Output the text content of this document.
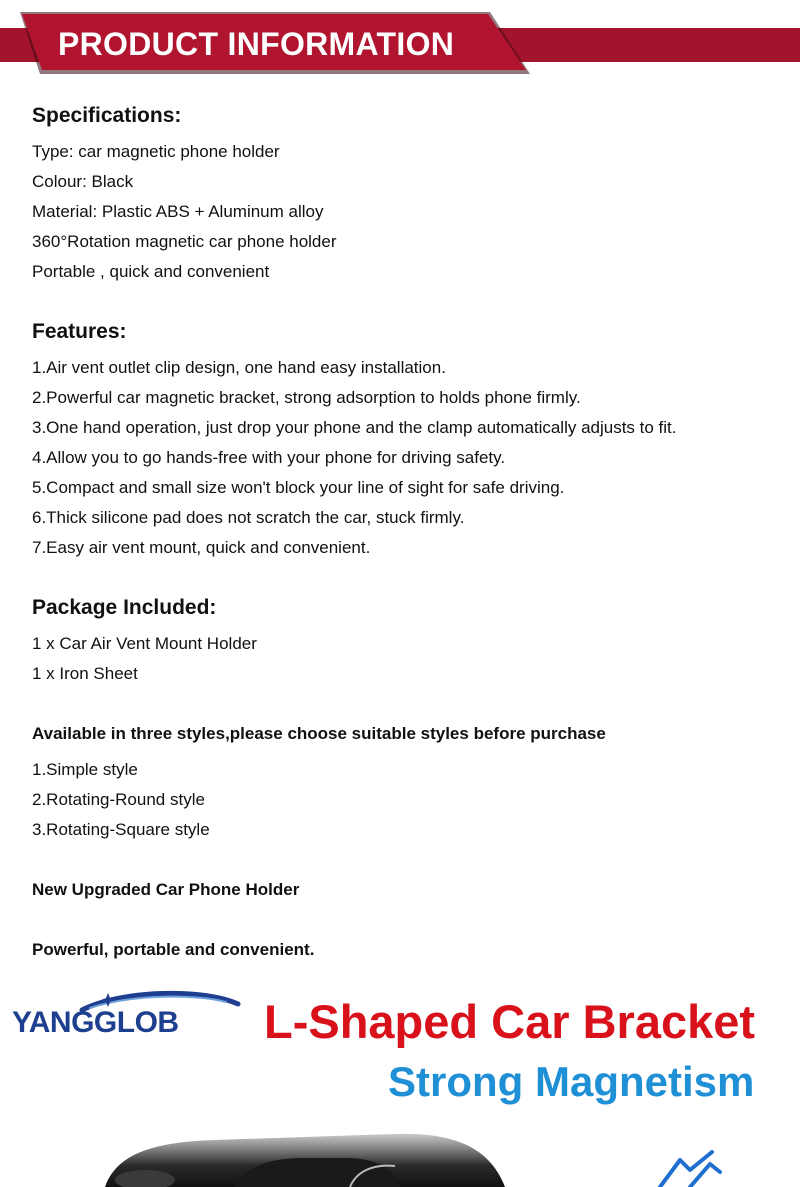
PRODUCT INFORMATION
Specifications:
Type: car magnetic phone holder
Colour: Black
Material: Plastic ABS + Aluminum alloy
360°Rotation magnetic car phone holder
Portable , quick and convenient
Features:
1.Air vent outlet clip design, one hand easy installation.
2.Powerful car magnetic bracket, strong adsorption to holds phone firmly.
3.One hand operation, just drop your phone and the clamp automatically adjusts to fit.
4.Allow you to go hands-free with your phone for driving safety.
5.Compact and small size won't block your line of sight for safe driving.
6.Thick silicone pad does not scratch the car, stuck firmly.
7.Easy air vent mount, quick and convenient.
Package Included:
1 x Car Air Vent Mount Holder
1 x Iron Sheet
Available in three styles,please choose suitable styles before purchase
1.Simple style
2.Rotating-Round style
3.Rotating-Square style
New Upgraded Car Phone Holder
Powerful, portable and convenient.
YANGGLOB L-Shaped Car Bracket
Strong Magnetism
